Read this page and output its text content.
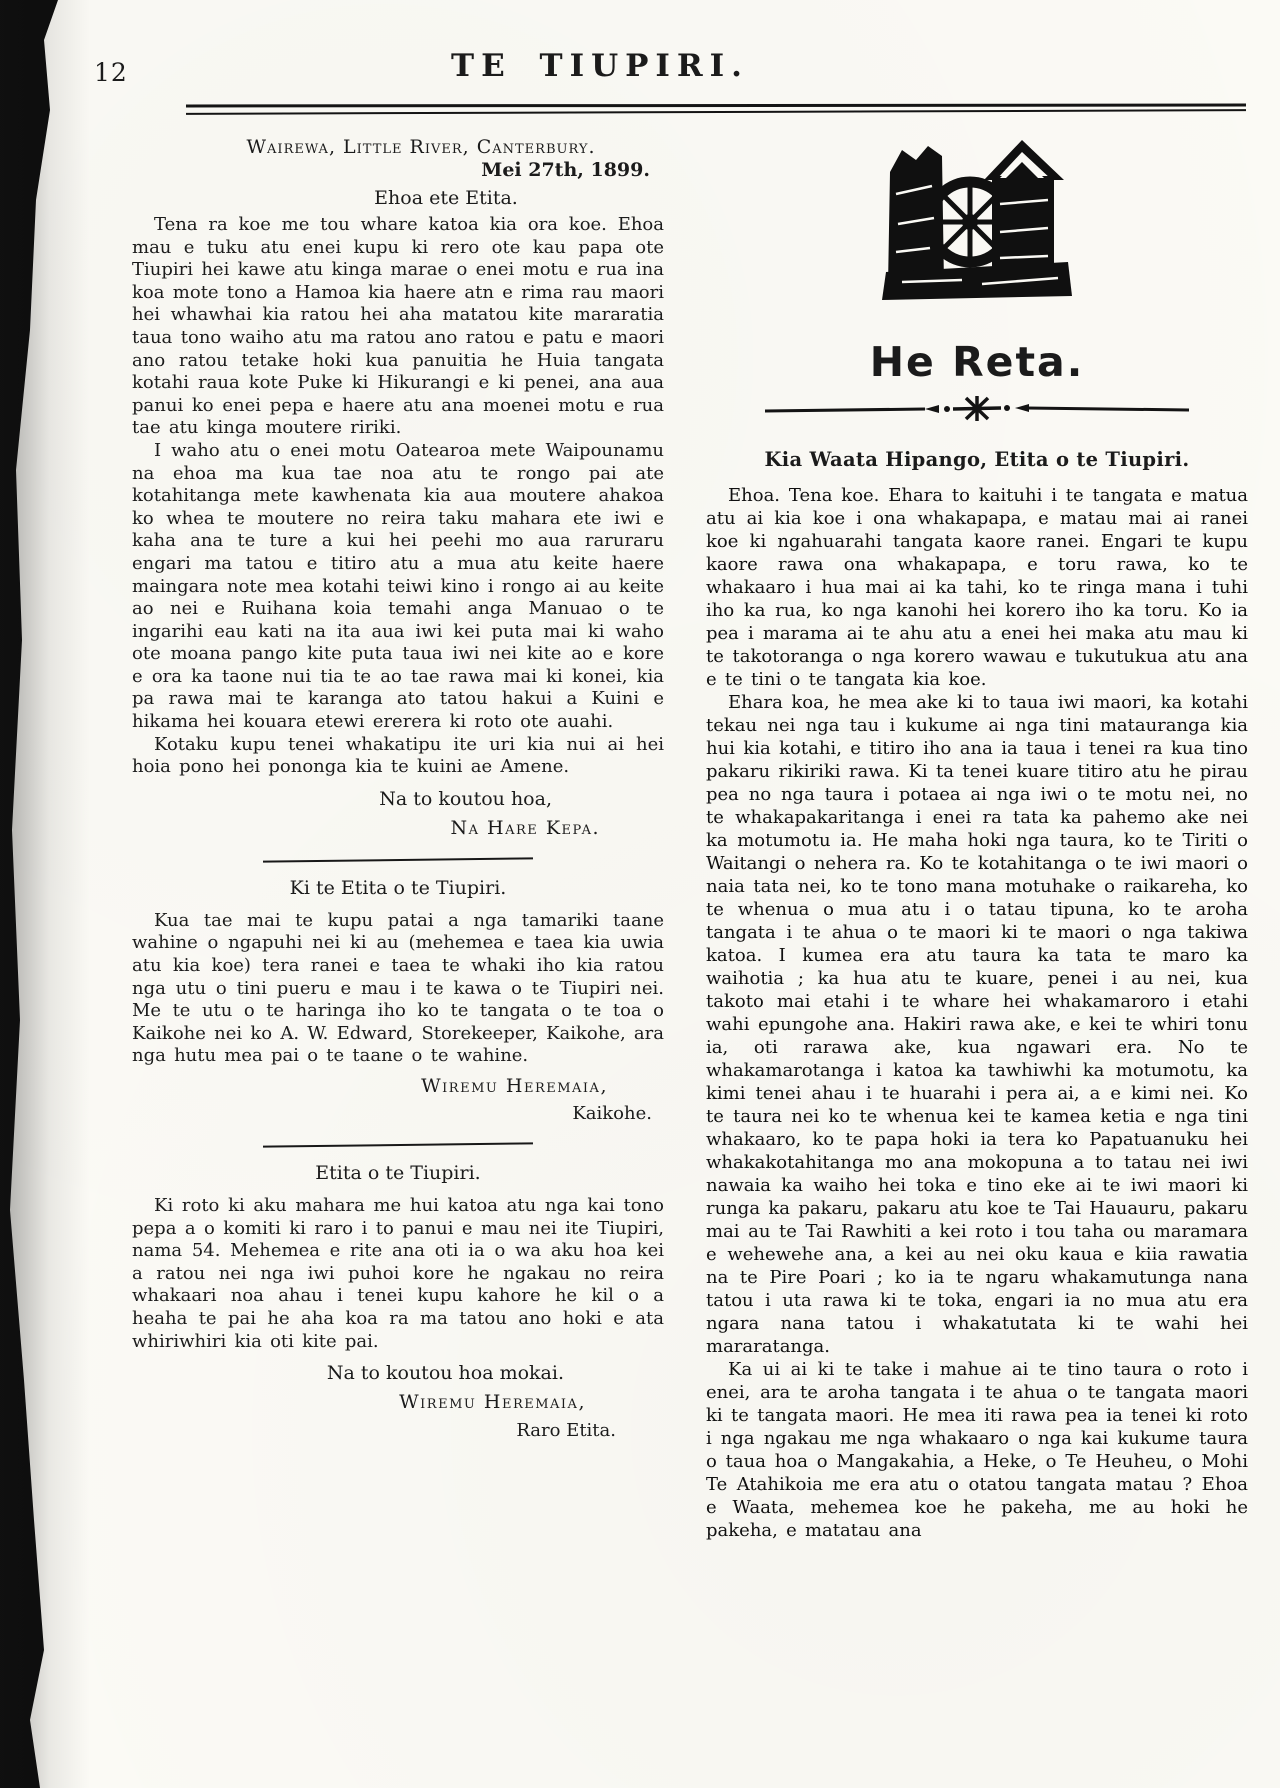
12	TE TIUPIRI.

Wairewa, Little River, Canterbury.

Mei 27th, 1899.

Ehoa ete Etita.

Tena ra koe me tou whare katoa kia ora koe. Ehoa mau e tuku atu enei kupu ki rero ote kau papa ote Tiupiri hei kawe atu kinga marae o enei motu e rua ina koa mote tono a Hamoa kia haere atn e rima rau maori hei whawhai kia ratou hei aha matatou kite mararatia taua tono waiho atu ma ratou ano ratou e patu e maori ano ratou tetake hoki kua panuitia he Huia tangata kotahi raua kote Puke ki Hikurangi e ki penei, ana aua panui ko enei pepa e haere atu ana moenei motu e rua tae atu kinga moutere ririki.

I waho atu o enei motu Oatearoa mete Waipounamu na ehoa ma kua tae noa atu te rongo pai ate kotahitanga mete kawhenata kia aua moutere ahakoa ko whea te moutere no reira taku mahara ete iwi e kaha ana te ture a kui hei peehi mo aua raruraru engari ma tatou e titiro atu a mua atu keite haere maingara note mea kotahi teiwi kino i rongo ai au keite ao nei e Ruihana koia temahi anga Manuao o te ingarihi eau kati na ita aua iwi kei puta mai ki waho ote moana pango kite puta taua iwi nei kite ao e kore e ora ka taone nui tia te ao tae rawa mai ki konei, kia pa rawa mai te karanga ato tatou hakui a Kuini e hikama hei kouara etewi ererera ki roto ote auahi.

Kotaku kupu tenei whakatipu ite uri kia nui ai hei hoia pono hei pononga kia te kuini ae Amene.

Na to koutou hoa,

Na Hare Kepa.

Ki te Etita o te Tiupiri.

Kua tae mai te kupu patai a nga tamariki taane wahine o ngapuhi nei ki au (mehemea e taea kia uwia atu kia koe) tera ranei e taea te whaki iho kia ratou nga utu o tini pueru e mau i te kawa o te Tiupiri nei. Me te utu o te haringa iho ko te tangata o te toa o Kaikohe nei ko A. W. Edward, Storekeeper, Kaikohe, ara nga hutu mea pai o te taane o te wahine.

Wiremu Heremaia,

Kaikohe.

Etita o te Tiupiri.

Ki roto ki aku mahara me hui katoa atu nga kai tono pepa a o komiti ki raro i to panui e mau nei ite Tiupiri, nama 54. Mehemea e rite ana oti ia o wa aku hoa kei a ratou nei nga iwi puhoi kore he ngakau no reira whakaari noa ahau i tenei kupu kahore he kil o a heaha te pai he aha koa ra ma tatou ano hoki e ata whiriwhiri kia oti kite pai.

Na to koutou hoa mokai.

Wiremu Heremaia,

Raro Etita.

He Reta.

Kia Waata Hipango, Etita o te Tiupiri.

Ehoa. Tena koe. Ehara to kaituhi i te tangata e matua atu ai kia koe i ona whakapapa, e matau mai ai ranei koe ki ngahuarahi tangata kaore ranei. Engari te kupu kaore rawa ona whakapapa, e toru rawa, ko te whakaaro i hua mai ai ka tahi, ko te ringa mana i tuhi iho ka rua, ko nga kanohi hei korero iho ka toru. Ko ia pea i marama ai te ahu atu a enei hei maka atu mau ki te takotoranga o nga korero wawau e tukutukua atu ana e te tini o te tangata kia koe.

Ehara koa, he mea ake ki to taua iwi maori, ka kotahi tekau nei nga tau i kukume ai nga tini matauranga kia hui kia kotahi, e titiro iho ana ia taua i tenei ra kua tino pakaru rikiriki rawa. Ki ta tenei kuare titiro atu he pirau pea no nga taura i potaea ai nga iwi o te motu nei, no te whakapakaritanga i enei ra tata ka pahemo ake nei ka motumotu ia. He maha hoki nga taura, ko te Tiriti o Waitangi o nehera ra. Ko te kotahitanga o te iwi maori o naia tata nei, ko te tono mana motuhake o raikareha, ko te whenua o mua atu i o tatau tipuna, ko te aroha tangata i te ahua o te maori ki te maori o nga takiwa katoa. I kumea era atu taura ka tata te maro ka waihotia ; ka hua atu te kuare, penei i au nei, kua takoto mai etahi i te whare hei whakamaroro i etahi wahi epungohe ana. Hakiri rawa ake, e kei te whiri tonu ia, oti rarawa ake, kua ngawari era. No te whakamarotanga i katoa ka tawhiwhi ka motumotu, ka kimi tenei ahau i te huarahi i pera ai, a e kimi nei. Ko te taura nei ko te whenua kei te kamea ketia e nga tini whakaaro, ko te papa hoki ia tera ko Papatuanuku hei whakakotahitanga mo ana mokopuna a to tatau nei iwi nawaia ka waiho hei toka e tino eke ai te iwi maori ki runga ka pakaru, pakaru atu koe te Tai Hauauru, pakaru mai au te Tai Rawhiti a kei roto i tou taha ou maramara e wehewehe ana, a kei au nei oku kaua e kiia rawatia na te Pire Poari ; ko ia te ngaru whakamutunga nana tatou i uta rawa ki te toka, engari ia no mua atu era ngara nana tatou i whakatutata ki te wahi hei mararatanga.

Ka ui ai ki te take i mahue ai te tino taura o roto i enei, ara te aroha tangata i te ahua o te tangata maori ki te tangata maori. He mea iti rawa pea ia tenei ki roto i nga ngakau me nga whakaaro o nga kai kukume taura o taua hoa o Mangakahia, a Heke, o Te Heuheu, o Mohi Te Atahikoia me era atu o otatou tangata matau ? Ehoa e Waata, mehemea koe he pakeha, me au hoki he pakeha, e matatau ana
